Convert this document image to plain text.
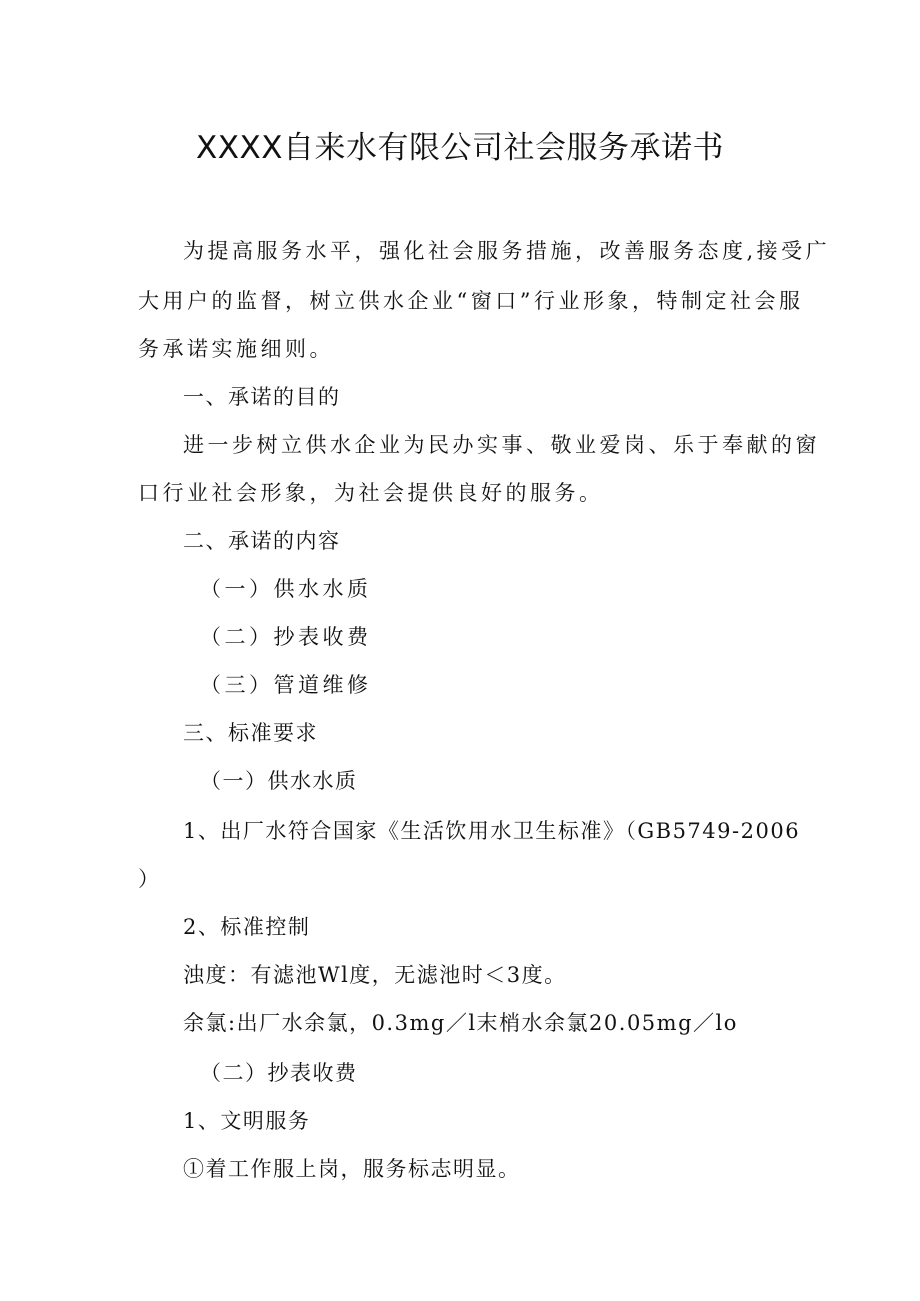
XXXX自来水有限公司社会服务承诺书
为提高服务水平，强化社会服务措施，改善服务态度,接受广
大用户的监督，树立供水企业“窗口”行业形象，特制定社会服
务承诺实施细则。
一、承诺的目的
进一步树立供水企业为民办实事、敬业爱岗、乐于奉献的窗
口行业社会形象，为社会提供良好的服务。
二、承诺的内容
（一）供水水质
（二）抄表收费
（三）管道维修
三、标准要求
（一）供水水质
1、出厂水符合国家《生活饮用水卫生标准》（GB5749-2006
）
2、标准控制
浊度：有滤池Wl度，无滤池时＜3度。
余氯:出厂水余氯，0.3mg／l末梢水余氯20.05mg／lo
（二）抄表收费
1、文明服务
①着工作服上岗，服务标志明显。
